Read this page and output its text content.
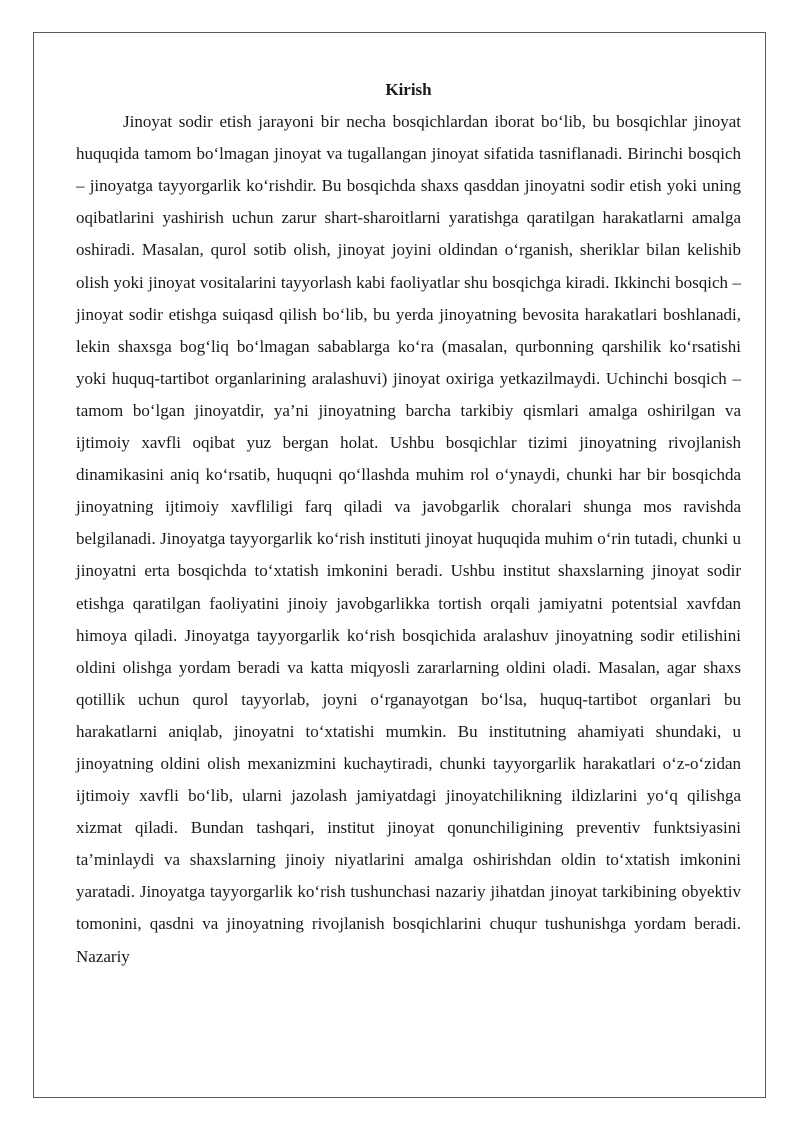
Kirish

Jinoyat sodir etish jarayoni bir necha bosqichlardan iborat bo‘lib, bu bosqichlar jinoyat huquqida tamom bo‘lmagan jinoyat va tugallangan jinoyat sifatida tasniflanadi. Birinchi bosqich – jinoyatga tayyorgarlik ko‘rishdir. Bu bosqichda shaxs qasddan jinoyatni sodir etish yoki uning oqibatlarini yashirish uchun zarur shart-sharoitlarni yaratishga qaratilgan harakatlarni amalga oshiradi. Masalan, qurol sotib olish, jinoyat joyini oldindan o‘rganish, sheriklar bilan kelishib olish yoki jinoyat vositalarini tayyorlash kabi faoliyatlar shu bosqichga kiradi. Ikkinchi bosqich – jinoyat sodir etishga suiqasd qilish bo‘lib, bu yerda jinoyatning bevosita harakatlari boshlanadi, lekin shaxsga bog‘liq bo‘lmagan sabablarga ko‘ra (masalan, qurbonning qarshilik ko‘rsatishi yoki huquq-tartibot organlarining aralashuvi) jinoyat oxiriga yetkazilmaydi. Uchinchi bosqich – tamom bo‘lgan jinoyatdir, ya’ni jinoyatning barcha tarkibiy qismlari amalga oshirilgan va ijtimoiy xavfli oqibat yuz bergan holat. Ushbu bosqichlar tizimi jinoyatning rivojlanish dinamikasini aniq ko‘rsatib, huquqni qo‘llashda muhim rol o‘ynaydi, chunki har bir bosqichda jinoyatning ijtimoiy xavfliligi farq qiladi va javobgarlik choralari shunga mos ravishda belgilanadi. Jinoyatga tayyorgarlik ko‘rish instituti jinoyat huquqida muhim o‘rin tutadi, chunki u jinoyatni erta bosqichda to‘xtatish imkonini beradi. Ushbu institut shaxslarning jinoyat sodir etishga qaratilgan faoliyatini jinoiy javobgarlikka tortish orqali jamiyatni potentsial xavfdan himoya qiladi. Jinoyatga tayyorgarlik ko‘rish bosqichida aralashuv jinoyatning sodir etilishini oldini olishga yordam beradi va katta miqyosli zararlarning oldini oladi. Masalan, agar shaxs qotillik uchun qurol tayyorlab, joyni o‘rganayotgan bo‘lsa, huquq-tartibot organlari bu harakatlarni aniqlab, jinoyatni to‘xtatishi mumkin. Bu institutning ahamiyati shundaki, u jinoyatning oldini olish mexanizmini kuchaytiradi, chunki tayyorgarlik harakatlari o‘z-o‘zidan ijtimoiy xavfli bo‘lib, ularni jazolash jamiyatdagi jinoyatchilikning ildizlarini yo‘q qilishga xizmat qiladi. Bundan tashqari, institut jinoyat qonunchiligining preventiv funktsiyasini ta’minlaydi va shaxslarning jinoiy niyatlarini amalga oshirishdan oldin to‘xtatish imkonini yaratadi. Jinoyatga tayyorgarlik ko‘rish tushunchasi nazariy jihatdan jinoyat tarkibining obyektiv tomonini, qasdni va jinoyatning rivojlanish bosqichlarini chuqur tushunishga yordam beradi. Nazariy
